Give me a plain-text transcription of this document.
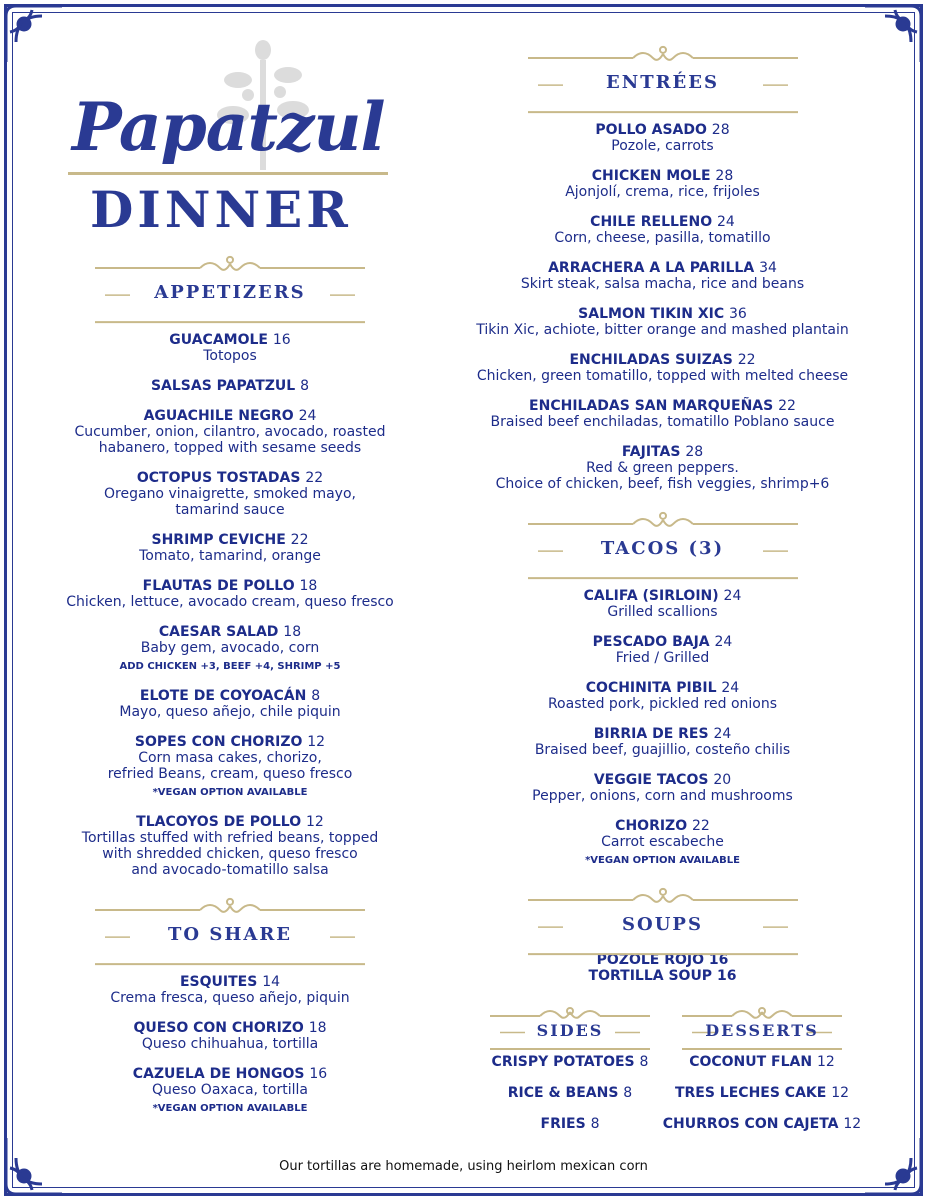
Papatzul
DINNER
APPETIZERS
GUACAMOLE 16
Totopos
SALSAS PAPATZUL 8
AGUACHILE NEGRO 24
Cucumber, onion, cilantro, avocado, roasted
habanero, topped with sesame seeds
OCTOPUS TOSTADAS 22
Oregano vinaigrette, smoked mayo,
tamarind sauce
SHRIMP CEVICHE 22
Tomato, tamarind, orange
FLAUTAS DE POLLO 18
Chicken, lettuce, avocado cream, queso fresco
CAESAR SALAD 18
Baby gem, avocado, corn
ADD CHICKEN +3, BEEF +4, SHRIMP +5
ELOTE DE COYOACÁN 8
Mayo, queso añejo, chile piquin
SOPES CON CHORIZO 12
Corn masa cakes, chorizo,
refried Beans, cream, queso fresco
*VEGAN OPTION AVAILABLE
TLACOYOS DE POLLO 12
Tortillas stuffed with refried beans, topped
with shredded chicken, queso fresco
and avocado-tomatillo salsa
TO SHARE
ESQUITES 14
Crema fresca, queso añejo, piquin
QUESO CON CHORIZO 18
Queso chihuahua, tortilla
CAZUELA DE HONGOS 16
Queso Oaxaca, tortilla
*VEGAN OPTION AVAILABLE
ENTRÉES
POLLO ASADO 28
Pozole, carrots
CHICKEN MOLE 28
Ajonjolí, crema, rice, frijoles
CHILE RELLENO 24
Corn, cheese, pasilla, tomatillo
ARRACHERA A LA PARILLA 34
Skirt steak, salsa macha, rice and beans
SALMON TIKIN XIC 36
Tikin Xic, achiote, bitter orange and mashed plantain
ENCHILADAS SUIZAS 22
Chicken, green tomatillo, topped with melted cheese
ENCHILADAS SAN MARQUEÑAS 22
Braised beef enchiladas, tomatillo Poblano sauce
FAJITAS 28
Red & green peppers.
Choice of chicken, beef, fish veggies, shrimp+6
TACOS (3)
CALIFA (SIRLOIN) 24
Grilled scallions
PESCADO BAJA 24
Fried / Grilled
COCHINITA PIBIL 24
Roasted pork, pickled red onions
BIRRIA DE RES 24
Braised beef, guajillio, costeño chilis
VEGGIE TACOS 20
Pepper, onions, corn and mushrooms
CHORIZO 22
Carrot escabeche
*VEGAN OPTION AVAILABLE
SOUPS
POZOLE ROJO 16
TORTILLA SOUP 16
SIDES
CRISPY POTATOES 8
RICE & BEANS 8
FRIES 8
DESSERTS
COCONUT FLAN 12
TRES LECHES CAKE 12
CHURROS CON CAJETA 12
Our tortillas are homemade, using heirlom mexican corn
